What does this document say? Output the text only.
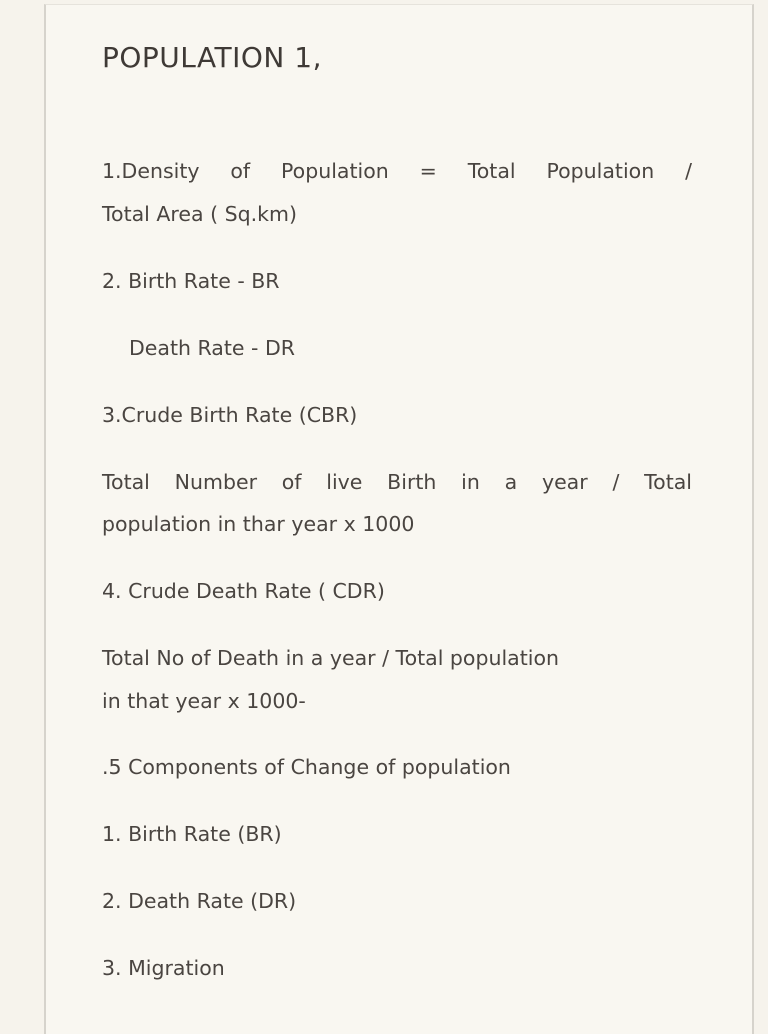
POPULATION 1,
1.Density of Population = Total Population /
Total Area ( Sq.km)
2. Birth Rate - BR
Death Rate - DR
3.Crude Birth Rate (CBR)
Total Number of live Birth in a year / Total
population in thar year x 1000
4. Crude Death Rate ( CDR)
Total No of Death in a year / Total population
in that year x 1000-
.5 Components of Change of population
1. Birth Rate (BR)
2. Death Rate (DR)
3. Migration
